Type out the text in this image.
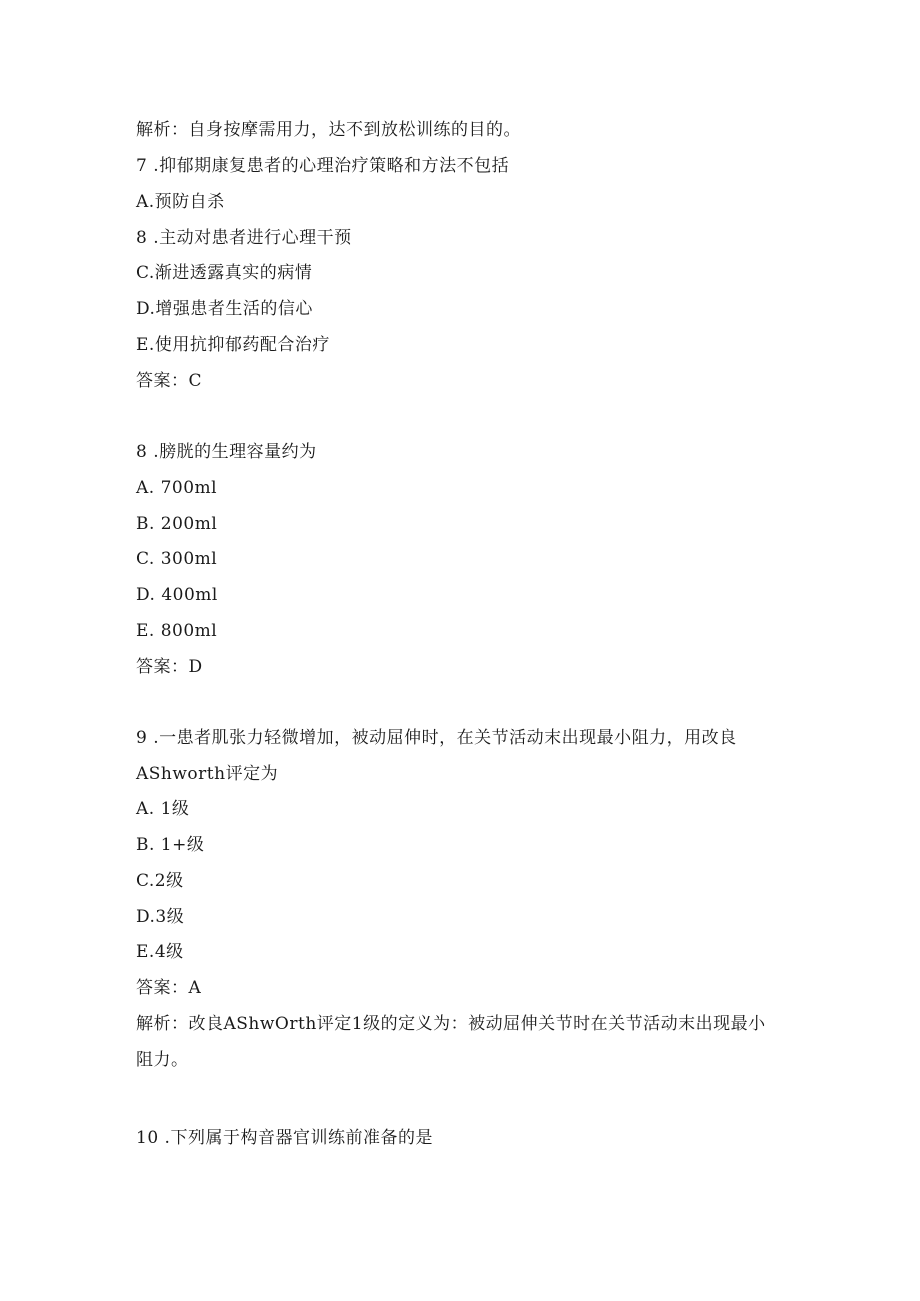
解析：自身按摩需用力，达不到放松训练的目的。
7 .抑郁期康复患者的心理治疗策略和方法不包括
A.预防自杀
8 .主动对患者进行心理干预
C.渐进透露真实的病情
D.增强患者生活的信心
E.使用抗抑郁药配合治疗
答案：C
8 .膀胱的生理容量约为
A. 700ml
B. 200ml
C. 300ml
D. 400ml
E. 800ml
答案：D
9 .一患者肌张力轻微增加，被动屈伸时，在关节活动末出现最小阻力，用改良
AShworth评定为
A. 1级
B. 1+级
C.2级
D.3级
E.4级
答案：A
解析：改良AShwOrth评定1级的定义为：被动屈伸关节时在关节活动末出现最小
阻力。
10 .下列属于构音器官训练前准备的是
